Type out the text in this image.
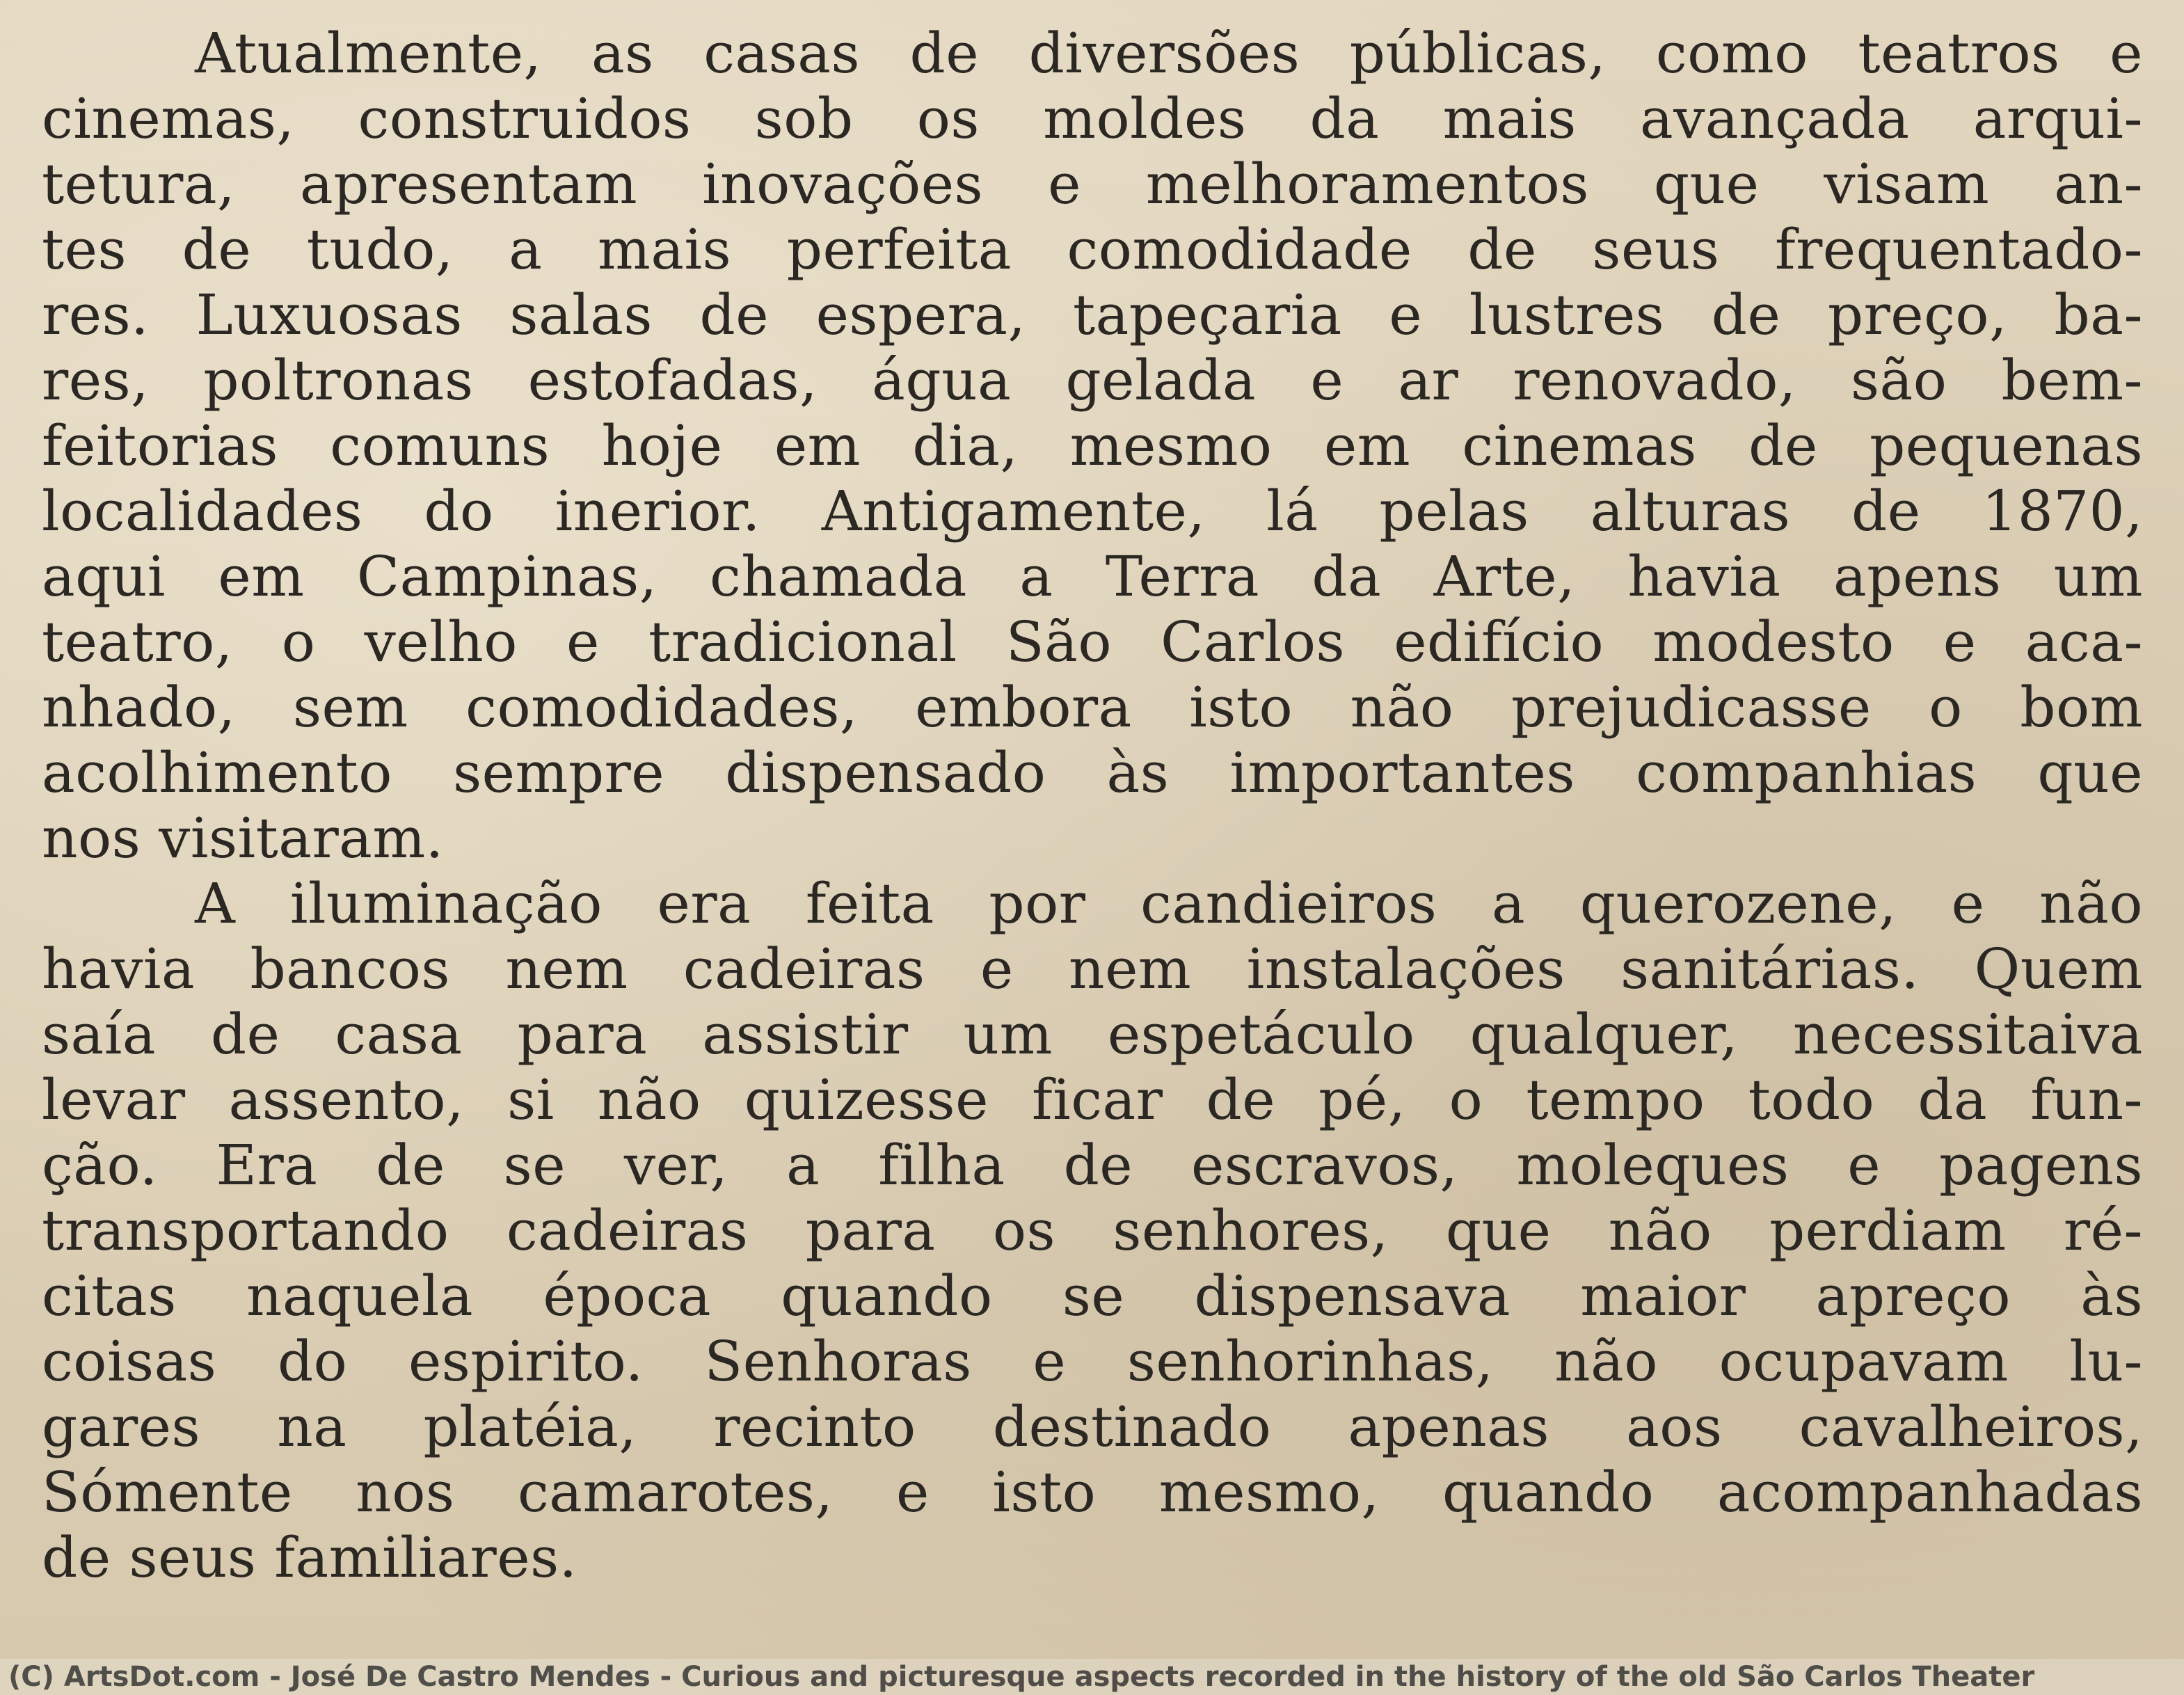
Atualmente, as casas de diversões públicas, como teatros e
cinemas, construidos sob os moldes da mais avançada arqui-
tetura, apresentam inovações e melhoramentos que visam an-
tes de tudo, a mais perfeita comodidade de seus frequentado-
res. Luxuosas salas de espera, tapeçaria e lustres de preço, ba-
res, poltronas estofadas, água gelada e ar renovado, são bem-
feitorias comuns hoje em dia, mesmo em cinemas de pequenas
localidades do inerior. Antigamente, lá pelas alturas de 1870,
aqui em Campinas, chamada a Terra da Arte, havia apens um
teatro, o velho e tradicional São Carlos edifício modesto e aca-
nhado, sem comodidades, embora isto não prejudicasse o bom
acolhimento sempre dispensado às importantes companhias que
nos visitaram.
A iluminação era feita por candieiros a querozene, e não
havia bancos nem cadeiras e nem instalações sanitárias. Quem
saía de casa para assistir um espetáculo qualquer, necessitaiva
levar assento, si não quizesse ficar de pé, o tempo todo da fun-
ção. Era de se ver, a filha de escravos, moleques e pagens
transportando cadeiras para os senhores, que não perdiam ré-
citas naquela época quando se dispensava maior apreço às
coisas do espirito. Senhoras e senhorinhas, não ocupavam lu-
gares na platéia, recinto destinado apenas aos cavalheiros,
Sómente nos camarotes, e isto mesmo, quando acompanhadas
de seus familiares.
(C) ArtsDot.com - José De Castro Mendes - Curious and picturesque aspects recorded in the history of the old São Carlos Theater
